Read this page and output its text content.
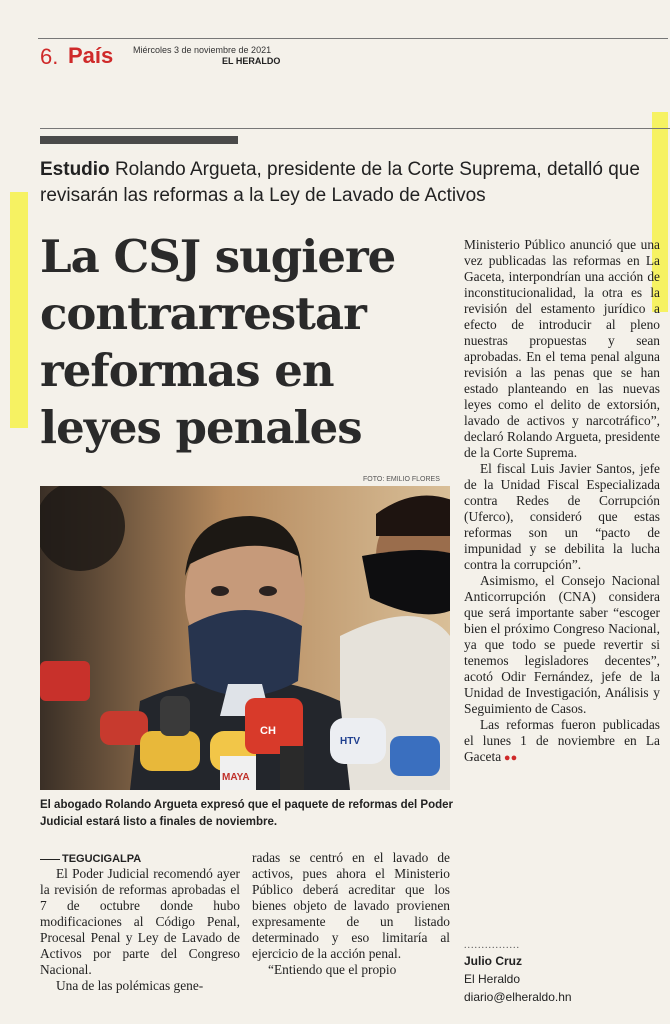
6. País Miércoles 3 de noviembre de 2021
EL HERALDO
Estudio Rolando Argueta, presidente de la Corte Suprema, detalló que revisarán las reformas a la Ley de Lavado de Activos
La CSJ sugiere contrarrestar reformas en leyes penales
FOTO: EMILIO FLORES
CH
HTV
MAYA
El abogado Rolando Argueta expresó que el paquete de reformas del Poder Judicial estará listo a finales de noviembre.
TEGUCIGALPA

El Poder Judicial recomendó ayer la revisión de reformas aprobadas el 7 de octubre donde hubo modificaciones al Código Penal, Procesal Penal y Ley de Lavado de Activos por parte del Congreso Nacional.

Una de las polémicas gene-

radas se centró en el lavado de activos, pues ahora el Ministerio Público deberá acreditar que los bienes objeto de lavado provienen expresamente de un listado determinado y eso limitaría al ejercicio de la acción penal.

“Entiendo que el propio

Ministerio Público anunció que una vez publicadas las reformas en La Gaceta, interpondrían una acción de inconstitucionalidad, la otra es la revisión del estamento jurídico a efecto de introducir al pleno nuestras propuestas y sean aprobadas. En el tema penal alguna revisión a las penas que se han estado planteando en las nuevas leyes como el delito de extorsión, lavado de activos y narcotráfico”, declaró Rolando Argueta, presidente de la Corte Suprema.

El fiscal Luis Javier Santos, jefe de la Unidad Fiscal Especializada contra Redes de Corrupción (Uferco), consideró que estas reformas son un “pacto de impunidad y se debilita la lucha contra la corrupción”.

Asimismo, el Consejo Nacional Anticorrupción (CNA) considera que será importante saber “escoger bien el próximo Congreso Nacional, ya que todo se puede revertir si tenemos legisladores decentes”, acotó Odir Fernández, jefe de la Unidad de Investigación, Análisis y Seguimiento de Casos.

Las reformas fueron publicadas el lunes 1 de noviembre en La Gaceta ●●

................
Julio Cruz
El Heraldo
diario@elheraldo.hn
